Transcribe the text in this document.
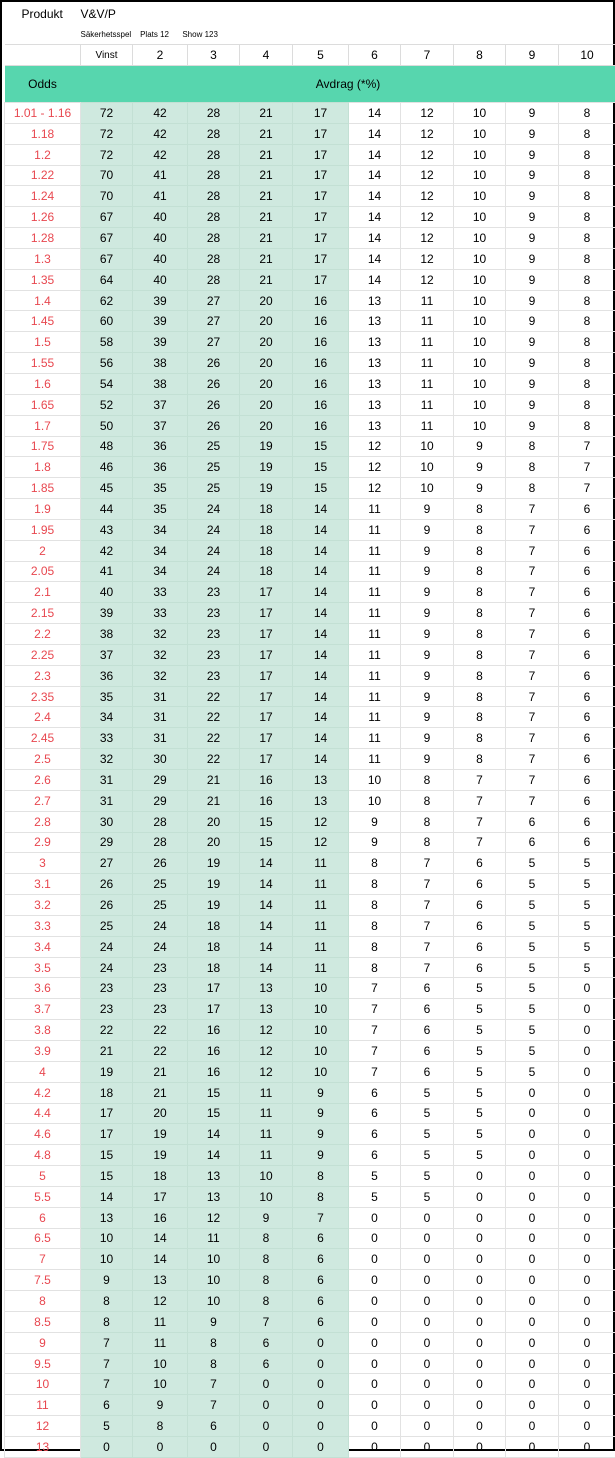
Produkt	V&V/P									
	Säkerhetsspel Plats 12 Show 123									
	Vinst	2	3	4	5	6	7	8	9	10
Odds	Avdrag (*%)									
1.01 - 1.16	72	42	28	21	17	14	12	10	9	8
1.18	72	42	28	21	17	14	12	10	9	8
1.2	72	42	28	21	17	14	12	10	9	8
1.22	70	41	28	21	17	14	12	10	9	8
1.24	70	41	28	21	17	14	12	10	9	8
1.26	67	40	28	21	17	14	12	10	9	8
1.28	67	40	28	21	17	14	12	10	9	8
1.3	67	40	28	21	17	14	12	10	9	8
1.35	64	40	28	21	17	14	12	10	9	8
1.4	62	39	27	20	16	13	11	10	9	8
1.45	60	39	27	20	16	13	11	10	9	8
1.5	58	39	27	20	16	13	11	10	9	8
1.55	56	38	26	20	16	13	11	10	9	8
1.6	54	38	26	20	16	13	11	10	9	8
1.65	52	37	26	20	16	13	11	10	9	8
1.7	50	37	26	20	16	13	11	10	9	8
1.75	48	36	25	19	15	12	10	9	8	7
1.8	46	36	25	19	15	12	10	9	8	7
1.85	45	35	25	19	15	12	10	9	8	7
1.9	44	35	24	18	14	11	9	8	7	6
1.95	43	34	24	18	14	11	9	8	7	6
2	42	34	24	18	14	11	9	8	7	6
2.05	41	34	24	18	14	11	9	8	7	6
2.1	40	33	23	17	14	11	9	8	7	6
2.15	39	33	23	17	14	11	9	8	7	6
2.2	38	32	23	17	14	11	9	8	7	6
2.25	37	32	23	17	14	11	9	8	7	6
2.3	36	32	23	17	14	11	9	8	7	6
2.35	35	31	22	17	14	11	9	8	7	6
2.4	34	31	22	17	14	11	9	8	7	6
2.45	33	31	22	17	14	11	9	8	7	6
2.5	32	30	22	17	14	11	9	8	7	6
2.6	31	29	21	16	13	10	8	7	7	6
2.7	31	29	21	16	13	10	8	7	7	6
2.8	30	28	20	15	12	9	8	7	6	6
2.9	29	28	20	15	12	9	8	7	6	6
3	27	26	19	14	11	8	7	6	5	5
3.1	26	25	19	14	11	8	7	6	5	5
3.2	26	25	19	14	11	8	7	6	5	5
3.3	25	24	18	14	11	8	7	6	5	5
3.4	24	24	18	14	11	8	7	6	5	5
3.5	24	23	18	14	11	8	7	6	5	5
3.6	23	23	17	13	10	7	6	5	5	0
3.7	23	23	17	13	10	7	6	5	5	0
3.8	22	22	16	12	10	7	6	5	5	0
3.9	21	22	16	12	10	7	6	5	5	0
4	19	21	16	12	10	7	6	5	5	0
4.2	18	21	15	11	9	6	5	5	0	0
4.4	17	20	15	11	9	6	5	5	0	0
4.6	17	19	14	11	9	6	5	5	0	0
4.8	15	19	14	11	9	6	5	5	0	0
5	15	18	13	10	8	5	5	0	0	0
5.5	14	17	13	10	8	5	5	0	0	0
6	13	16	12	9	7	0	0	0	0	0
6.5	10	14	11	8	6	0	0	0	0	0
7	10	14	10	8	6	0	0	0	0	0
7.5	9	13	10	8	6	0	0	0	0	0
8	8	12	10	8	6	0	0	0	0	0
8.5	8	11	9	7	6	0	0	0	0	0
9	7	11	8	6	0	0	0	0	0	0
9.5	7	10	8	6	0	0	0	0	0	0
10	7	10	7	0	0	0	0	0	0	0
11	6	9	7	0	0	0	0	0	0	0
12	5	8	6	0	0	0	0	0	0	0
13	0	0	0	0	0	0	0	0	0	0
